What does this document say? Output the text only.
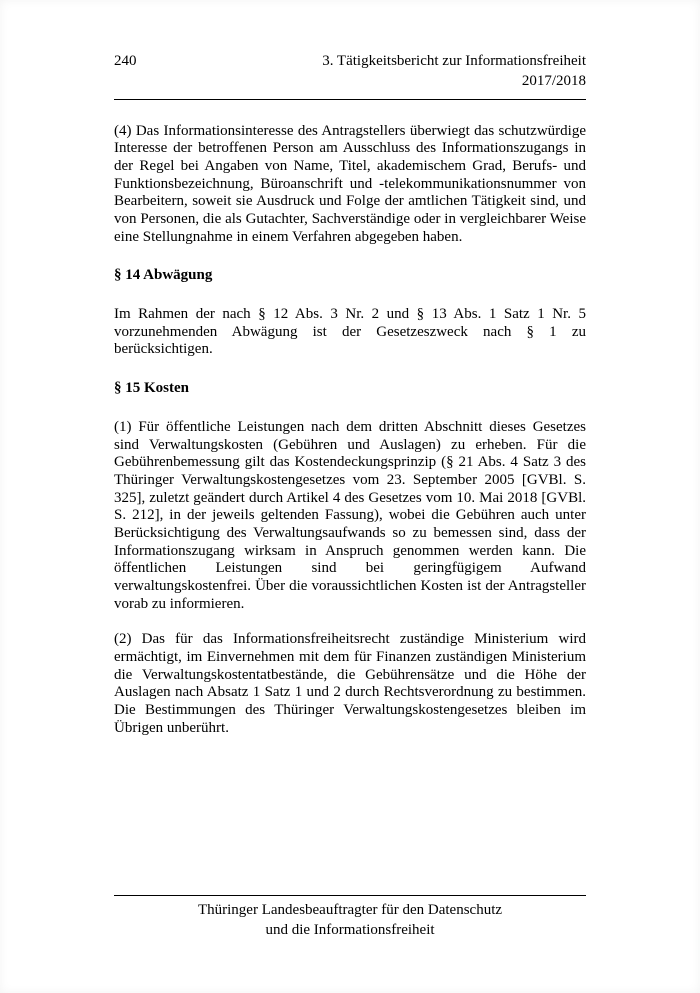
240	3. Tätigkeitsbericht zur Informationsfreiheit
2017/2018

(4) Das Informationsinteresse des Antragstellers überwiegt das schutzwürdige Interesse der betroffenen Person am Ausschluss des Informationszugangs in der Regel bei Angaben von Name, Titel, akademischem Grad, Berufs- und Funktionsbezeichnung, Büroanschrift und -telekommunikationsnummer von Bearbeitern, soweit sie Ausdruck und Folge der amtlichen Tätigkeit sind, und von Personen, die als Gutachter, Sachverständige oder in vergleichbarer Weise eine Stellungnahme in einem Verfahren abgegeben haben.

§ 14 Abwägung

Im Rahmen der nach § 12 Abs. 3 Nr. 2 und § 13 Abs. 1 Satz 1 Nr. 5 vorzunehmenden Abwägung ist der Gesetzeszweck nach § 1 zu berücksichtigen.

§ 15 Kosten

(1) Für öffentliche Leistungen nach dem dritten Abschnitt dieses Gesetzes sind Verwaltungskosten (Gebühren und Auslagen) zu erheben. Für die Gebührenbemessung gilt das Kostendeckungsprinzip (§ 21 Abs. 4 Satz 3 des Thüringer Verwaltungskostengesetzes vom 23. September 2005 [GVBl. S. 325], zuletzt geändert durch Artikel 4 des Gesetzes vom 10. Mai 2018 [GVBl. S. 212], in der jeweils geltenden Fassung), wobei die Gebühren auch unter Berücksichtigung des Verwaltungsaufwands so zu bemessen sind, dass der Informationszugang wirksam in Anspruch genommen werden kann. Die öffentlichen Leistungen sind bei geringfügigem Aufwand verwaltungskostenfrei. Über die voraussichtlichen Kosten ist der Antragsteller vorab zu informieren.

(2) Das für das Informationsfreiheitsrecht zuständige Ministerium wird ermächtigt, im Einvernehmen mit dem für Finanzen zuständigen Ministerium die Verwaltungskostentatbestände, die Gebührensätze und die Höhe der Auslagen nach Absatz 1 Satz 1 und 2 durch Rechtsverordnung zu bestimmen. Die Bestimmungen des Thüringer Verwaltungskostengesetzes bleiben im Übrigen unberührt.

Thüringer Landesbeauftragter für den Datenschutz
und die Informationsfreiheit
